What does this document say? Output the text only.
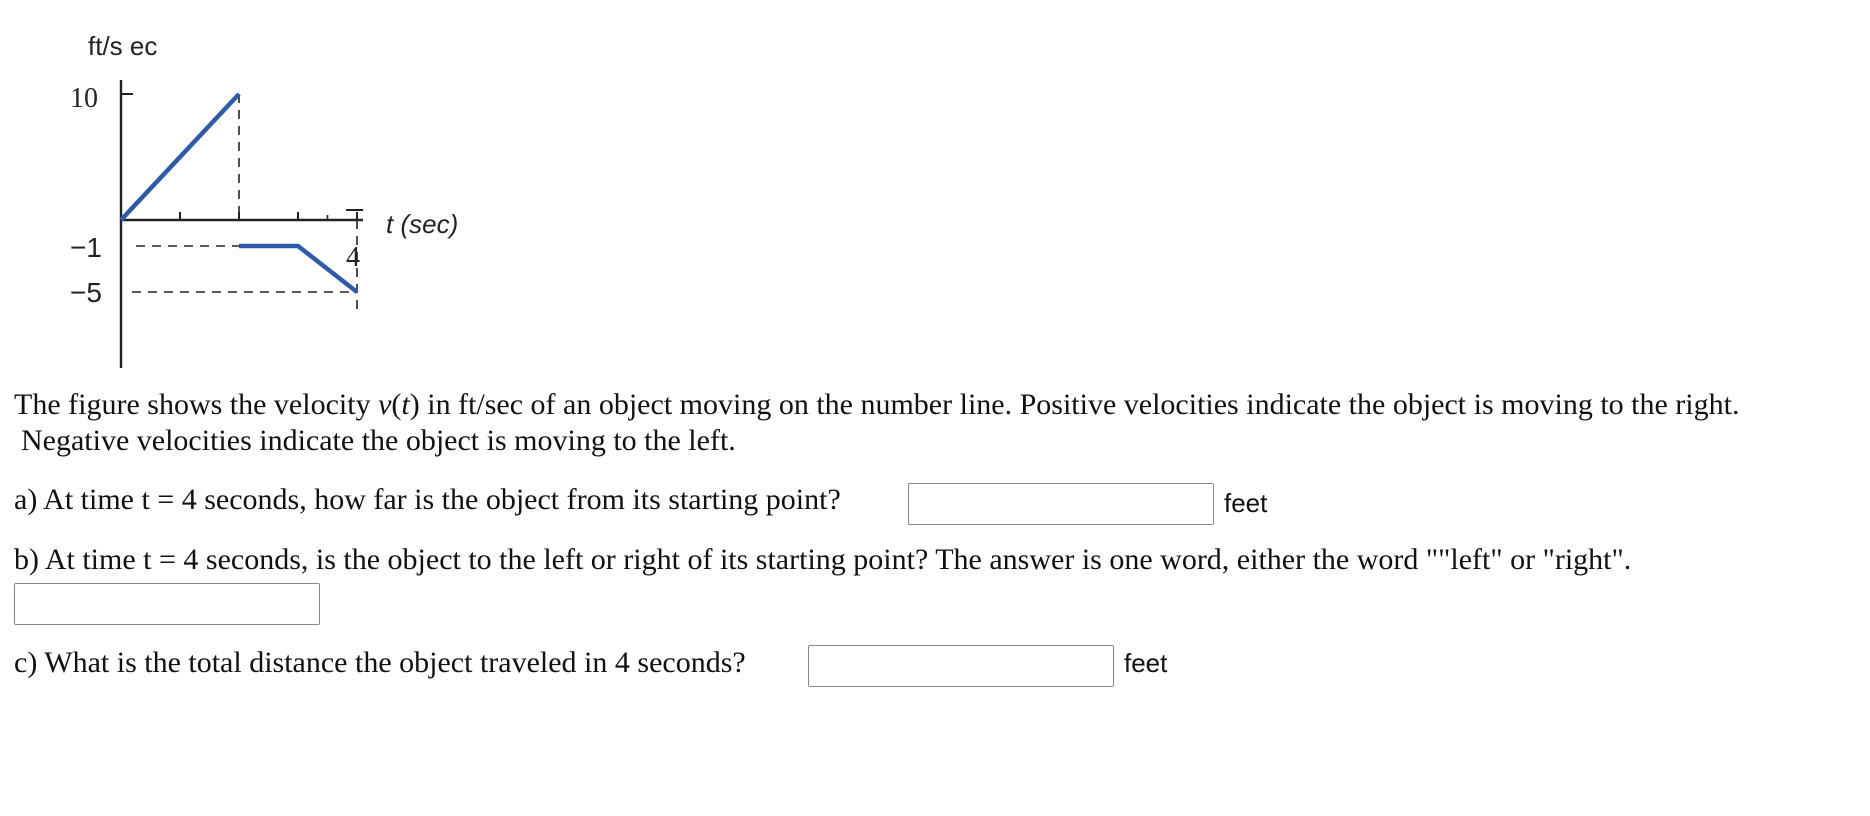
ft/s ec
t (sec)
10
−1
−5
4
The figure shows the velocity v(t) in ft/sec of an object moving on the number line. Positive velocities indicate the object is moving to the right.
Negative velocities indicate the object is moving to the left.
a) At time t = 4 seconds, how far is the object from its starting point?	feet
b) At time t = 4 seconds, is the object to the left or right of its starting point? The answer is one word, either the word ""left" or "right".
c) What is the total distance the object traveled in 4 seconds?	feet
